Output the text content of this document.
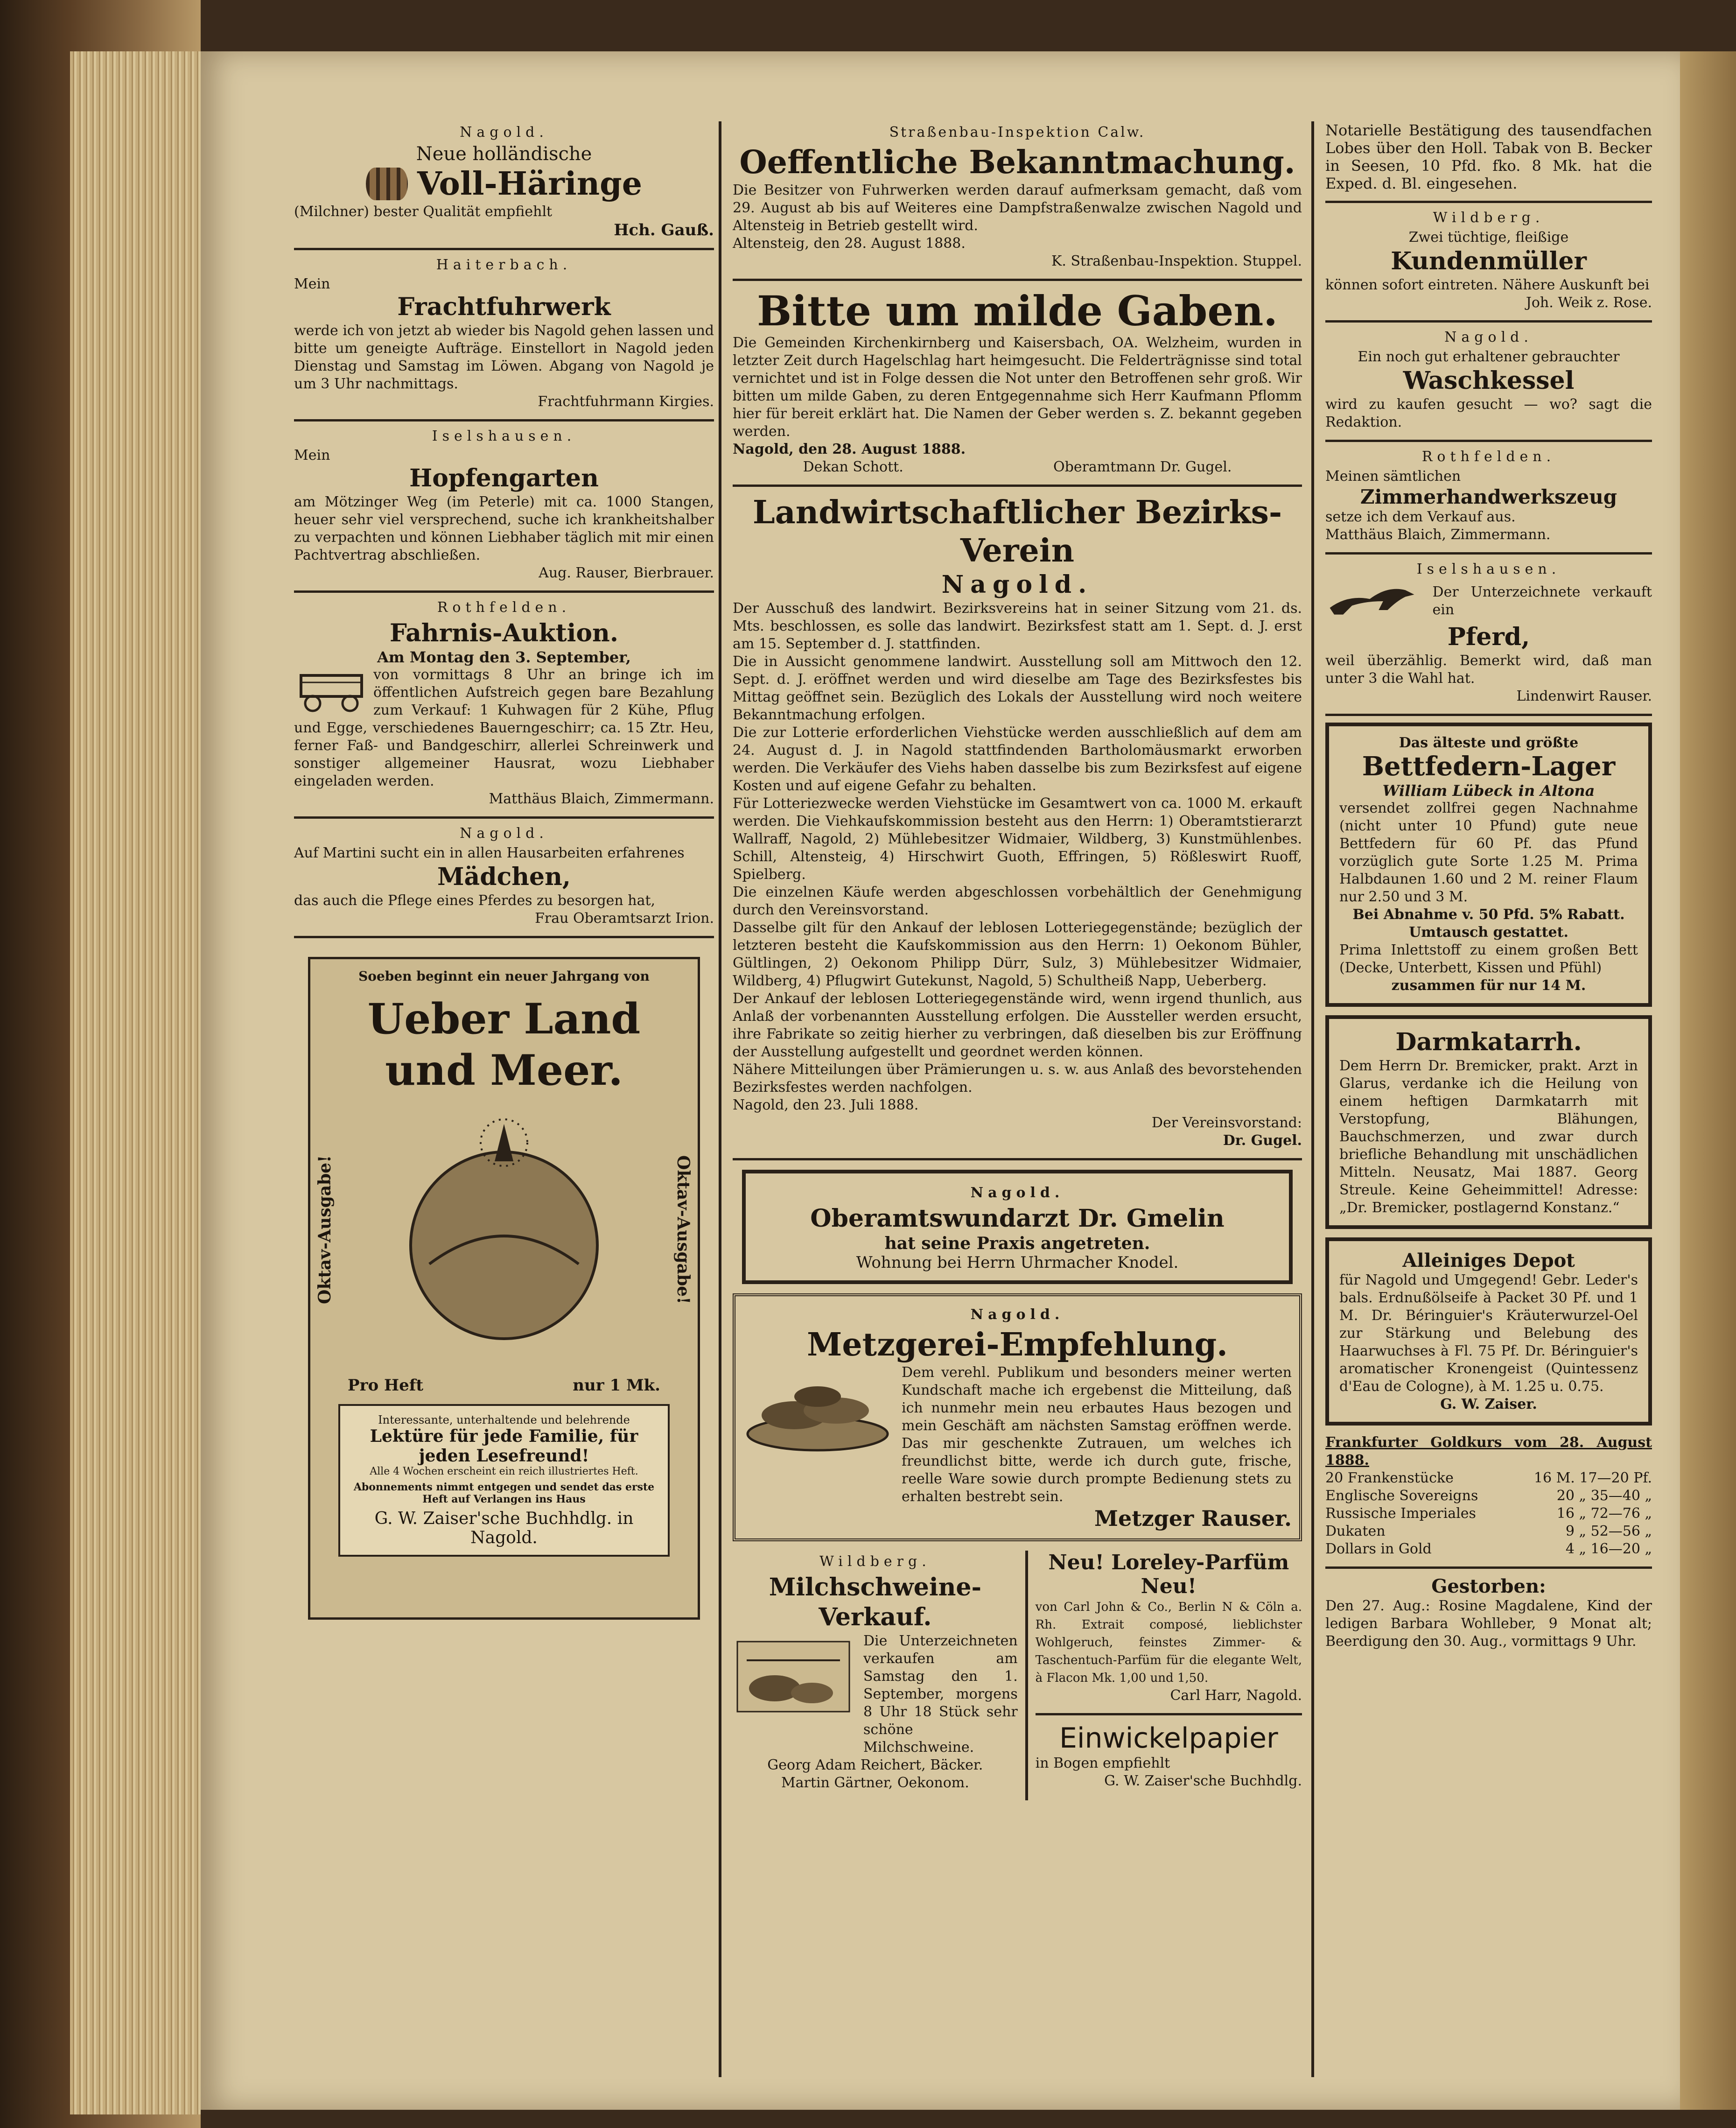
Nagold.
Neue holländische
Voll-Häringe
(Milchner) bester Qualität empfiehlt
Hch. Gauß.
Haiterbach.
Mein
Frachtfuhrwerk
werde ich von jetzt ab wieder bis Nagold gehen lassen und bitte um geneigte Aufträge. Einstellort in Nagold jeden Dienstag und Samstag im Löwen. Abgang von Nagold je um 3 Uhr nachmittags.
Frachtfuhrmann Kirgies.
Iselshausen.
Mein
Hopfengarten
am Mötzinger Weg (im Peterle) mit ca. 1000 Stangen, heuer sehr viel versprechend, suche ich krankheitshalber zu verpachten und können Liebhaber täglich mit mir einen Pachtvertrag abschließen.
Aug. Rauser, Bierbrauer.
Rothfelden.
Fahrnis-Auktion.
Am Montag den 3. September,
von vormittags 8 Uhr an bringe ich im öffentlichen Aufstreich gegen bare Bezahlung zum Verkauf: 1 Kuhwagen für 2 Kühe, Pflug und Egge, verschiedenes Bauerngeschirr; ca. 15 Ztr. Heu, ferner Faß- und Bandgeschirr, allerlei Schreinwerk und sonstiger allgemeiner Hausrat, wozu Liebhaber eingeladen werden.
Matthäus Blaich, Zimmermann.
Nagold.
Auf Martini sucht ein in allen Hausarbeiten erfahrenes
Mädchen,
das auch die Pflege eines Pferdes zu besorgen hat,
Frau Oberamtsarzt Irion.
Soeben beginnt ein neuer Jahrgang von
Ueber Land und Meer.
Oktav-Ausgabe!	Oktav-Ausgabe!
Pro Heft	nur 1 Mk.
Interessante, unterhaltende und belehrende
Lektüre für jede Familie, für jeden Lesefreund!
Alle 4 Wochen erscheint ein reich illustriertes Heft.
Abonnements nimmt entgegen und sendet das erste Heft auf Verlangen ins Haus
G. W. Zaiser'sche Buchhdlg. in Nagold.
Straßenbau-Inspektion Calw.
Oeffentliche Bekanntmachung.
Die Besitzer von Fuhrwerken werden darauf aufmerksam gemacht, daß vom 29. August ab bis auf Weiteres eine Dampfstraßenwalze zwischen Nagold und Altensteig in Betrieb gestellt wird.
Altensteig, den 28. August 1888.
K. Straßenbau-Inspektion. Stuppel.
Bitte um milde Gaben.
Die Gemeinden Kirchenkirnberg und Kaisersbach, OA. Welzheim, wurden in letzter Zeit durch Hagelschlag hart heimgesucht. Die Felderträgnisse sind total vernichtet und ist in Folge dessen die Not unter den Betroffenen sehr groß. Wir bitten um milde Gaben, zu deren Entgegennahme sich Herr Kaufmann Pflomm hier für bereit erklärt hat. Die Namen der Geber werden s. Z. bekannt gegeben werden.
Nagold, den 28. August 1888.
Dekan Schott.	Oberamtmann Dr. Gugel.
Landwirtschaftlicher Bezirks-Verein
Nagold.
Der Ausschuß des landwirt. Bezirksvereins hat in seiner Sitzung vom 21. ds. Mts. beschlossen, es solle das landwirt. Bezirksfest statt am 1. Sept. d. J. erst am 15. September d. J. stattfinden.
Die in Aussicht genommene landwirt. Ausstellung soll am Mittwoch den 12. Sept. d. J. eröffnet werden und wird dieselbe am Tage des Bezirksfestes bis Mittag geöffnet sein. Bezüglich des Lokals der Ausstellung wird noch weitere Bekanntmachung erfolgen.
Die zur Lotterie erforderlichen Viehstücke werden ausschließlich auf dem am 24. August d. J. in Nagold stattfindenden Bartholomäusmarkt erworben werden. Die Verkäufer des Viehs haben dasselbe bis zum Bezirksfest auf eigene Kosten und auf eigene Gefahr zu behalten.
Für Lotteriezwecke werden Viehstücke im Gesamtwert von ca. 1000 M. erkauft werden. Die Viehkaufskommission besteht aus den Herrn: 1) Oberamtstierarzt Wallraff, Nagold, 2) Mühlebesitzer Widmaier, Wildberg, 3) Kunstmühlenbes. Schill, Altensteig, 4) Hirschwirt Guoth, Effringen, 5) Rößleswirt Ruoff, Spielberg.
Die einzelnen Käufe werden abgeschlossen vorbehältlich der Genehmigung durch den Vereinsvorstand.
Dasselbe gilt für den Ankauf der leblosen Lotteriegegenstände; bezüglich der letzteren besteht die Kaufskommission aus den Herrn: 1) Oekonom Bühler, Gültlingen, 2) Oekonom Philipp Dürr, Sulz, 3) Mühlebesitzer Widmaier, Wildberg, 4) Pflugwirt Gutekunst, Nagold, 5) Schultheiß Napp, Ueberberg.
Der Ankauf der leblosen Lotteriegegenstände wird, wenn irgend thunlich, aus Anlaß der vorbenannten Ausstellung erfolgen. Die Aussteller werden ersucht, ihre Fabrikate so zeitig hierher zu verbringen, daß dieselben bis zur Eröffnung der Ausstellung aufgestellt und geordnet werden können.
Nähere Mitteilungen über Prämierungen u. s. w. aus Anlaß des bevorstehenden Bezirksfestes werden nachfolgen.
Nagold, den 23. Juli 1888.
Der Vereinsvorstand:
Dr. Gugel.
Nagold.
Oberamtswundarzt Dr. Gmelin
hat seine Praxis angetreten.
Wohnung bei Herrn Uhrmacher Knodel.
Nagold.
Metzgerei-Empfehlung.
Dem verehl. Publikum und besonders meiner werten Kundschaft mache ich ergebenst die Mitteilung, daß ich nunmehr mein neu erbautes Haus bezogen und mein Geschäft am nächsten Samstag eröffnen werde. Das mir geschenkte Zutrauen, um welches ich freundlichst bitte, werde ich durch gute, frische, reelle Ware sowie durch prompte Bedienung stets zu erhalten bestrebt sein.
Metzger Rauser.
Wildberg.
Milchschweine-Verkauf.
Die Unterzeichneten verkaufen am Samstag den 1. September, morgens 8 Uhr 18 Stück sehr schöne Milchschweine.
Georg Adam Reichert, Bäcker.
Martin Gärtner, Oekonom.
Neu! Loreley-Parfüm Neu!
von Carl John & Co., Berlin N & Cöln a. Rh. Extrait composé, lieblichster Wohlgeruch, feinstes Zimmer- & Taschentuch-Parfüm für die elegante Welt, à Flacon Mk. 1,00 und 1,50.
Carl Harr, Nagold.
Einwickelpapier
in Bogen empfiehlt
G. W. Zaiser'sche Buchhdlg.
Notarielle Bestätigung des tausendfachen Lobes über den Holl. Tabak von B. Becker in Seesen, 10 Pfd. fko. 8 Mk. hat die Exped. d. Bl. eingesehen.
Wildberg.
Zwei tüchtige, fleißige
Kundenmüller
können sofort eintreten. Nähere Auskunft bei
Joh. Weik z. Rose.
Nagold.
Ein noch gut erhaltener gebrauchter
Waschkessel
wird zu kaufen gesucht — wo? sagt die Redaktion.
Rothfelden.
Meinen sämtlichen
Zimmerhandwerkszeug
setze ich dem Verkauf aus.
Matthäus Blaich, Zimmermann.
Iselshausen.
Der Unterzeichnete verkauft ein
Pferd,
weil überzählig. Bemerkt wird, daß man unter 3 die Wahl hat.
Lindenwirt Rauser.
Das älteste und größte
Bettfedern-Lager
William Lübeck in Altona
versendet zollfrei gegen Nachnahme (nicht unter 10 Pfund) gute neue Bettfedern für 60 Pf. das Pfund vorzüglich gute Sorte 1.25 M. Prima Halbdaunen 1.60 und 2 M. reiner Flaum nur 2.50 und 3 M.
Bei Abnahme v. 50 Pfd. 5% Rabatt. Umtausch gestattet.
Prima Inlettstoff zu einem großen Bett (Decke, Unterbett, Kissen und Pfühl)
zusammen für nur 14 M.
Darmkatarrh.
Dem Herrn Dr. Bremicker, prakt. Arzt in Glarus, verdanke ich die Heilung von einem heftigen Darmkatarrh mit Verstopfung, Blähungen, Bauchschmerzen, und zwar durch briefliche Behandlung mit unschädlichen Mitteln. Neusatz, Mai 1887. Georg Streule. Keine Geheimmittel! Adresse: „Dr. Bremicker, postlagernd Konstanz.“
Alleiniges Depot
für Nagold und Umgegend! Gebr. Leder's bals. Erdnußölseife à Packet 30 Pf. und 1 M. Dr. Béringuier's Kräuterwurzel-Oel zur Stärkung und Belebung des Haarwuchses à Fl. 75 Pf. Dr. Béringuier's aromatischer Kronengeist (Quintessenz d'Eau de Cologne), à M. 1.25 u. 0.75.
G. W. Zaiser.
Frankfurter Goldkurs vom 28. August 1888.
20 Frankenstücke	16 M. 17—20 Pf.
Englische Sovereigns	20 „ 35—40 „
Russische Imperiales	16 „ 72—76 „
Dukaten	9 „ 52—56 „
Dollars in Gold	4 „ 16—20 „
Gestorben:
Den 27. Aug.: Rosine Magdalene, Kind der ledigen Barbara Wohlleber, 9 Monat alt; Beerdigung den 30. Aug., vormittags 9 Uhr.
